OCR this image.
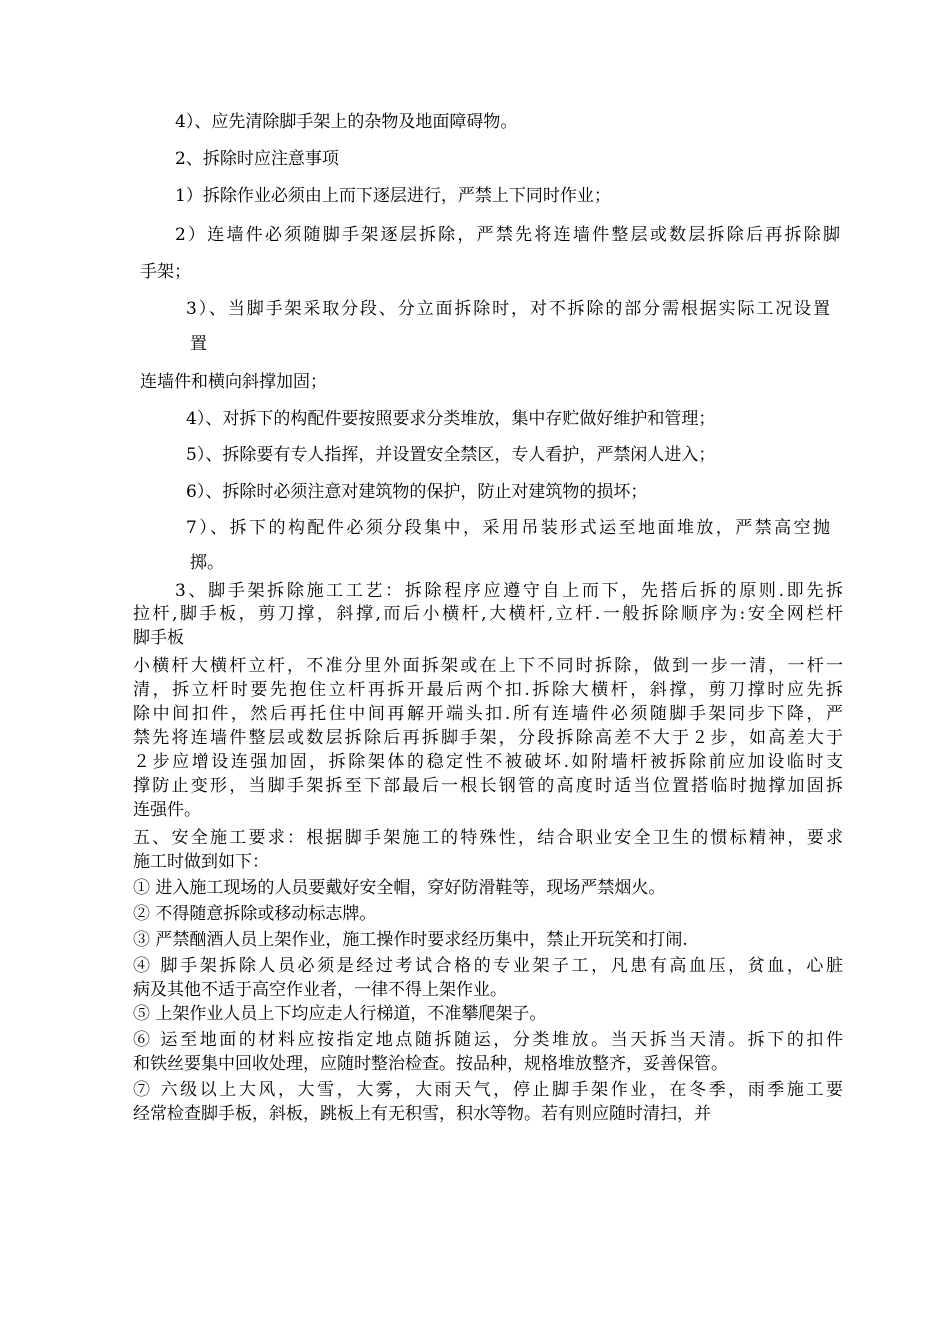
4）、应先清除脚手架上的杂物及地面障碍物。
2、拆除时应注意事项
1）拆除作业必须由上而下逐层进行，严禁上下同时作业；
2）连墙件必须随脚手架逐层拆除，严禁先将连墙件整层或数层拆除后再拆除脚
手架；
3）、当脚手架采取分段、分立面拆除时，对不拆除的部分需根据实际工况设置
置
连墙件和横向斜撑加固；
4）、对拆下的构配件要按照要求分类堆放，集中存贮做好维护和管理；
5）、拆除要有专人指挥，并设置安全禁区，专人看护，严禁闲人进入；
6）、拆除时必须注意对建筑物的保护，防止对建筑物的损坏；
7）、拆下的构配件必须分段集中，采用吊装形式运至地面堆放，严禁高空抛
掷。
3、脚手架拆除施工工艺：拆除程序应遵守自上而下，先搭后拆的原则.即先拆
拉杆,脚手板，剪刀撑，斜撑,而后小横杆,大横杆,立杆.一般拆除顺序为:安全网栏杆
脚手板
小横杆大横杆立杆，不准分里外面拆架或在上下不同时拆除，做到一步一清，一杆一
清，拆立杆时要先抱住立杆再拆开最后两个扣.拆除大横杆，斜撑，剪刀撑时应先拆
除中间扣件，然后再托住中间再解开端头扣.所有连墙件必须随脚手架同步下降，严
禁先将连墙件整层或数层拆除后再拆脚手架，分段拆除高差不大于２步，如高差大于
２步应增设连强加固，拆除架体的稳定性不被破坏.如附墙杆被拆除前应加设临时支
撑防止变形，当脚手架拆至下部最后一根长钢管的高度时适当位置搭临时抛撑加固拆
连强件。
五、安全施工要求：根据脚手架施工的特殊性，结合职业安全卫生的惯标精神，要求
施工时做到如下：
① 进入施工现场的人员要戴好安全帽，穿好防滑鞋等，现场严禁烟火。
② 不得随意拆除或移动标志牌。
③ 严禁酗酒人员上架作业，施工操作时要求经历集中，禁止开玩笑和打闹.
④ 脚手架拆除人员必须是经过考试合格的专业架子工，凡患有高血压，贫血，心脏
病及其他不适于高空作业者，一律不得上架作业。
⑤ 上架作业人员上下均应走人行梯道，不准攀爬架子。
⑥ 运至地面的材料应按指定地点随拆随运，分类堆放。当天拆当天清。拆下的扣件
和铁丝要集中回收处理，应随时整治检查。按品种，规格堆放整齐，妥善保管。
⑦ 六级以上大风，大雪，大雾，大雨天气，停止脚手架作业，在冬季，雨季施工要
经常检查脚手板，斜板，跳板上有无积雪，积水等物。若有则应随时清扫，并
